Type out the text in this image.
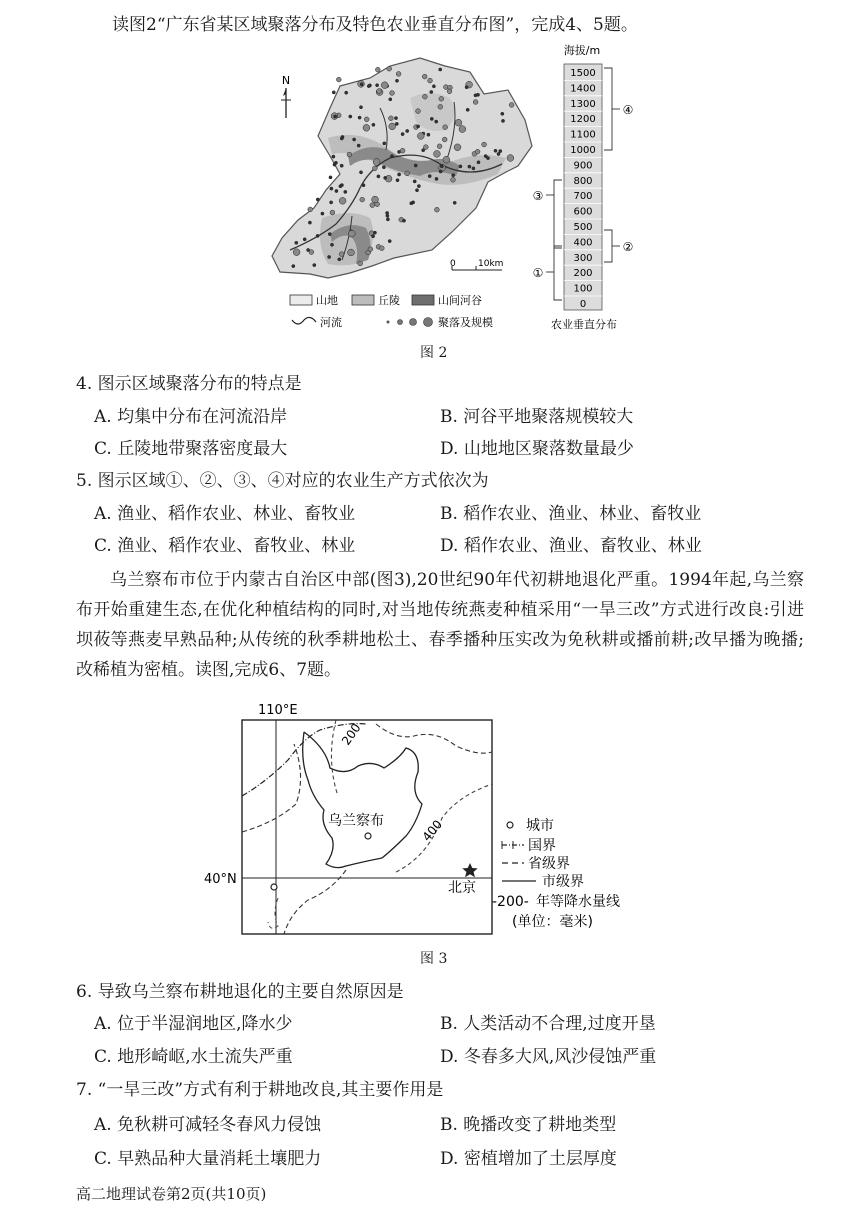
读图2“广东省某区域聚落分布及特色农业垂直分布图”，完成4、5题。
N
0 10km
山地	丘陵	山间河谷
河流	聚落及规模
海拔/m
1500
1400
1300
1200
1100
1000
900
800
700
600
500
400
300
200
100
0
④
②
③
①
农业垂直分布
图 2
4. 图示区域聚落分布的特点是
A. 均集中分布在河流沿岸	B. 河谷平地聚落规模较大
C. 丘陵地带聚落密度最大	D. 山地地区聚落数量最少
5. 图示区域①、②、③、④对应的农业生产方式依次为
A. 渔业、稻作农业、林业、畜牧业	B. 稻作农业、渔业、林业、畜牧业
C. 渔业、稻作农业、畜牧业、林业	D. 稻作农业、渔业、畜牧业、林业
乌兰察布市位于内蒙古自治区中部(图3),20世纪90年代初耕地退化严重。1994年起,乌兰察布开始重建生态,在优化种植结构的同时,对当地传统燕麦种植采用“一旱三改”方式进行改良:引进坝莜等燕麦早熟品种;从传统的秋季耕地松土、春季播种压实改为免秋耕或播前耕;改早播为晚播;改稀植为密植。读图,完成6、7题。
110°E
40°N
200
400
乌兰察布
北京
城市
国界
省级界
市级界
-200- 年等降水量线
(单位：毫米)
图 3
6. 导致乌兰察布耕地退化的主要自然原因是
A. 位于半湿润地区,降水少	B. 人类活动不合理,过度开垦
C. 地形崎岖,水土流失严重	D. 冬春多大风,风沙侵蚀严重
7. “一旱三改”方式有利于耕地改良,其主要作用是
A. 免秋耕可减轻冬春风力侵蚀	B. 晚播改变了耕地类型
C. 早熟品种大量消耗土壤肥力	D. 密植增加了土层厚度
高二地理试卷第2页(共10页)
